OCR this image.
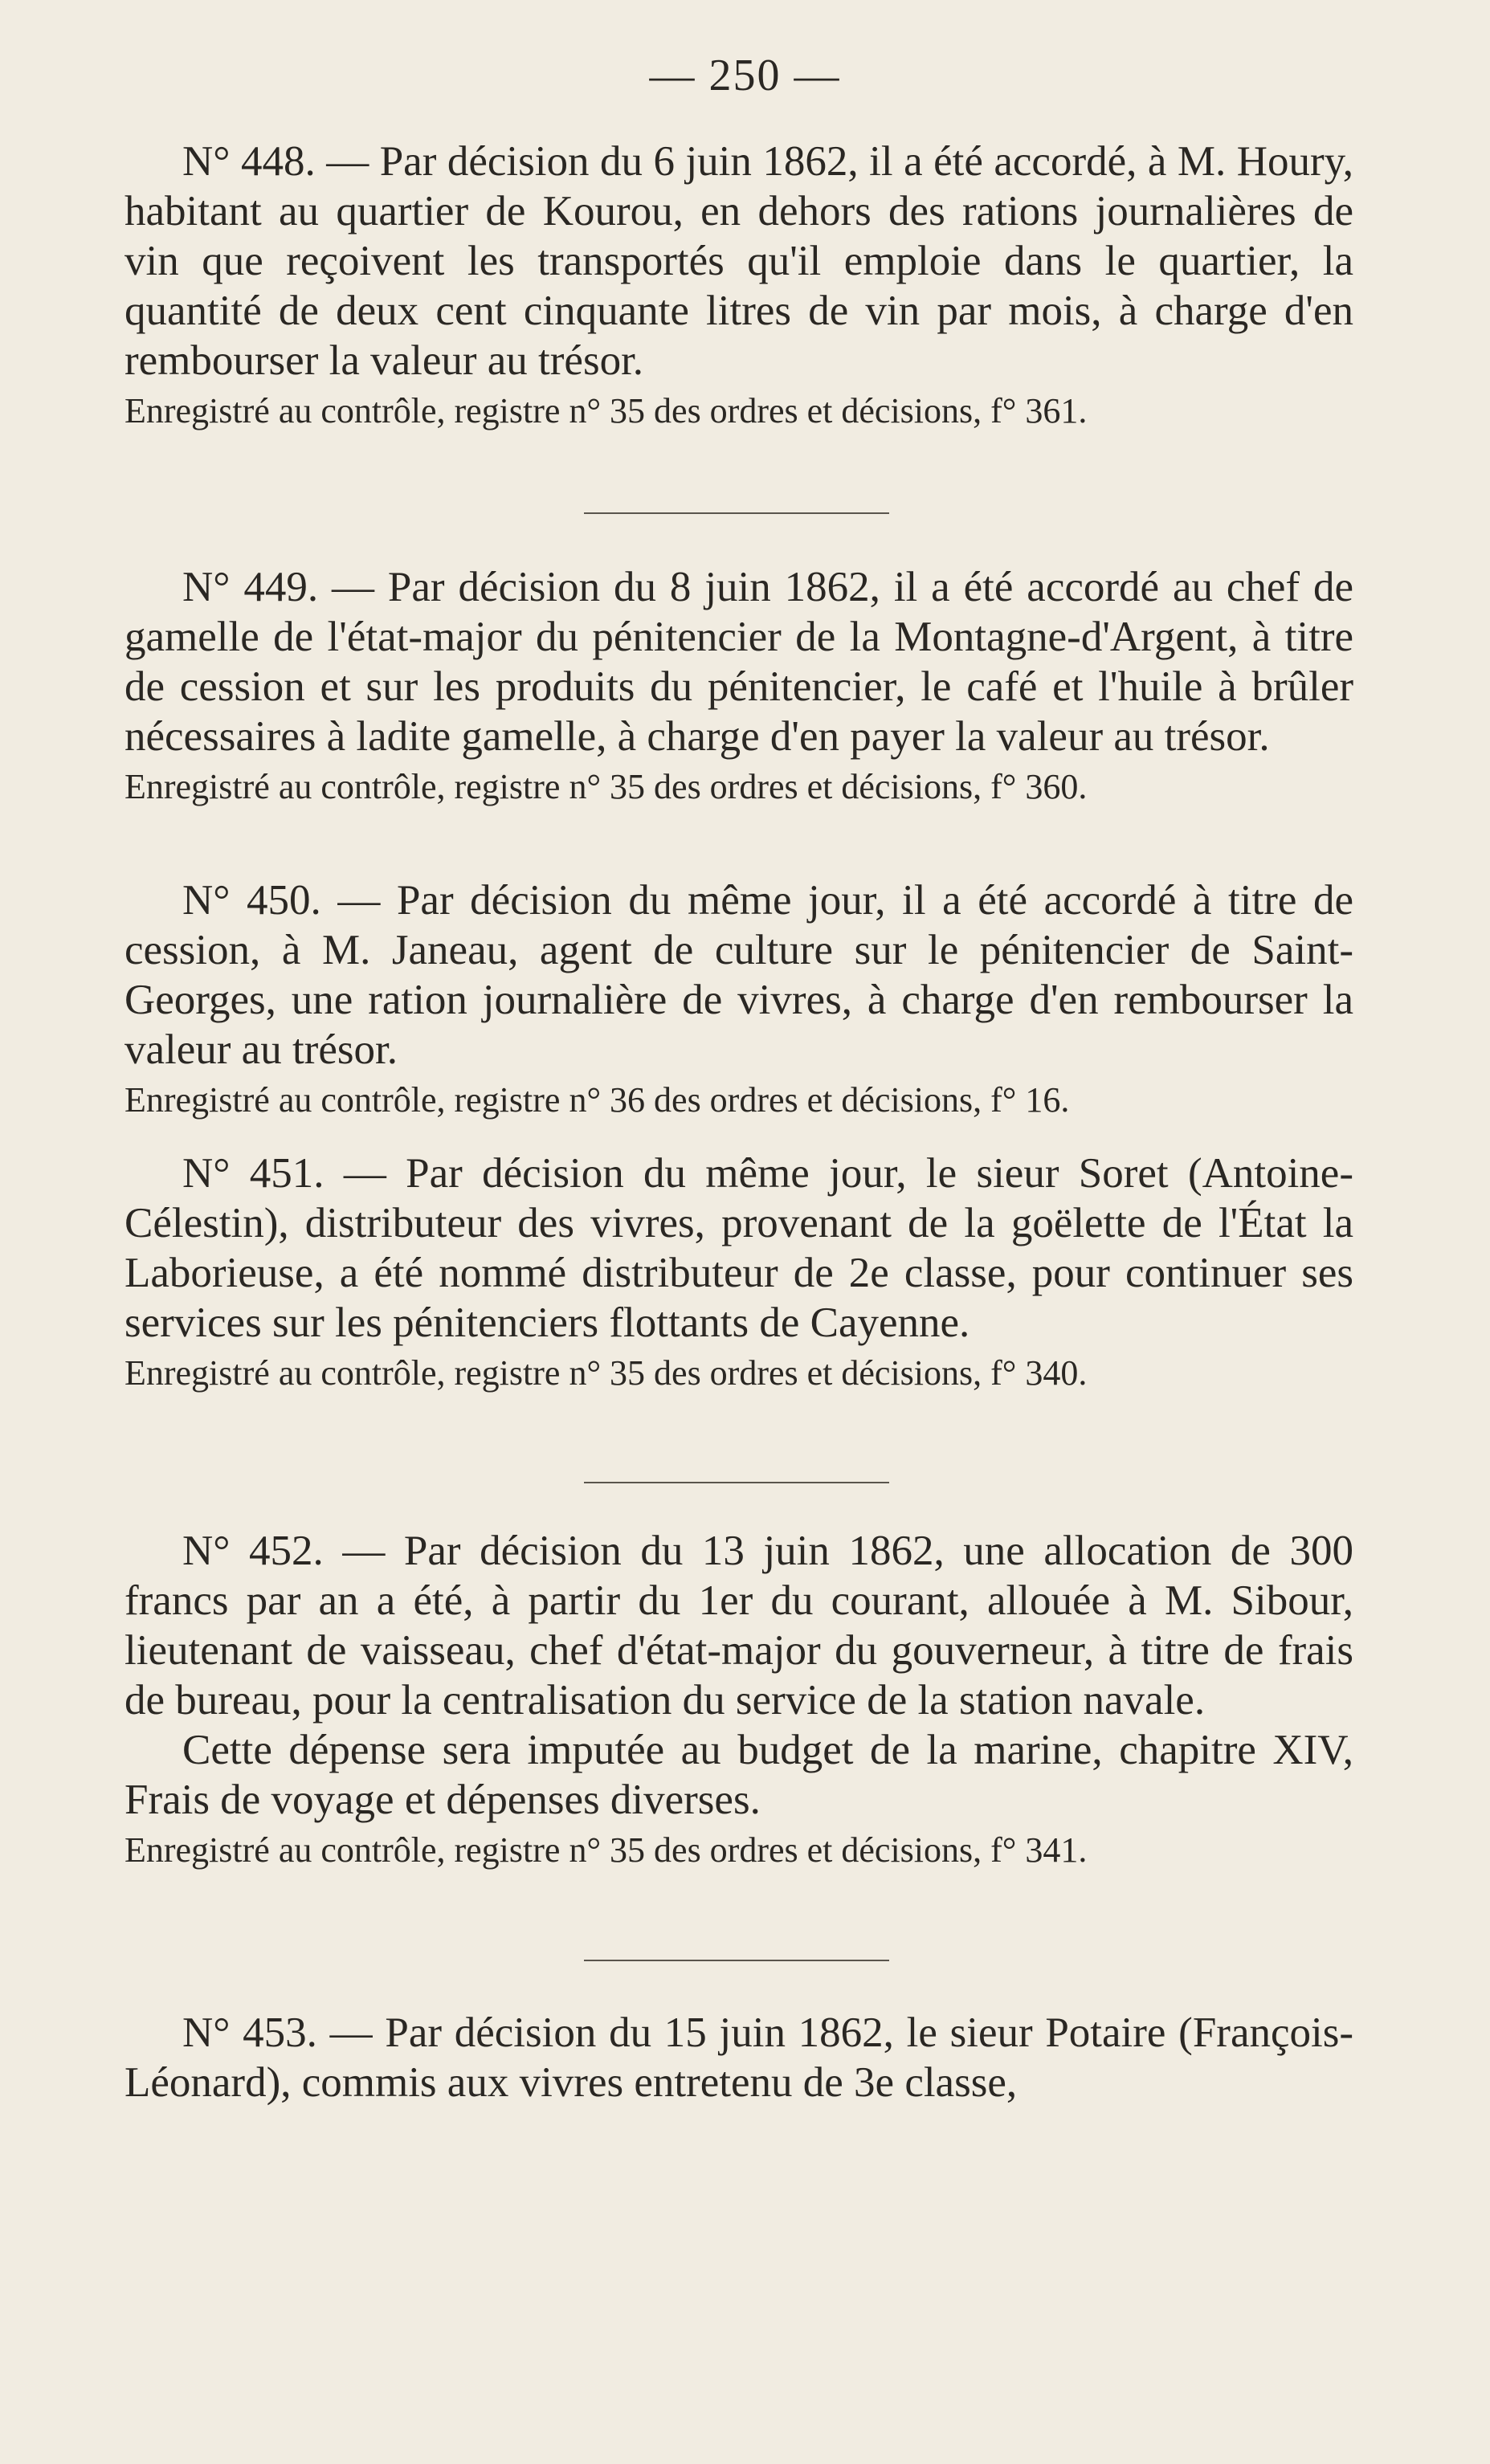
— 250 —

N° 448. — Par décision du 6 juin 1862, il a été accordé, à M. Houry, habitant au quartier de Kourou, en dehors des rations journalières de vin que reçoivent les transportés qu'il emploie dans le quartier, la quantité de deux cent cinquante litres de vin par mois, à charge d'en rembourser la valeur au trésor.

Enregistré au contrôle, registre n° 35 des ordres et décisions, f° 361.

N° 449. — Par décision du 8 juin 1862, il a été accordé au chef de gamelle de l'état-major du pénitencier de la Montagne-d'Argent, à titre de cession et sur les produits du pénitencier, le café et l'huile à brûler nécessaires à ladite gamelle, à charge d'en payer la valeur au trésor.

Enregistré au contrôle, registre n° 35 des ordres et décisions, f° 360.

N° 450. — Par décision du même jour, il a été accordé à titre de cession, à M. Janeau, agent de culture sur le pénitencier de Saint-Georges, une ration journalière de vivres, à charge d'en rembourser la valeur au trésor.

Enregistré au contrôle, registre n° 36 des ordres et décisions, f° 16.

N° 451. — Par décision du même jour, le sieur Soret (Antoine-Célestin), distributeur des vivres, provenant de la goëlette de l'État la Laborieuse, a été nommé distributeur de 2e classe, pour continuer ses services sur les pénitenciers flottants de Cayenne.

Enregistré au contrôle, registre n° 35 des ordres et décisions, f° 340.

N° 452. — Par décision du 13 juin 1862, une allocation de 300 francs par an a été, à partir du 1er du courant, allouée à M. Sibour, lieutenant de vaisseau, chef d'état-major du gouverneur, à titre de frais de bureau, pour la centralisation du service de la station navale.

Cette dépense sera imputée au budget de la marine, chapitre XIV, Frais de voyage et dépenses diverses.

Enregistré au contrôle, registre n° 35 des ordres et décisions, f° 341.

N° 453. — Par décision du 15 juin 1862, le sieur Potaire (François-Léonard), commis aux vivres entretenu de 3e classe,
